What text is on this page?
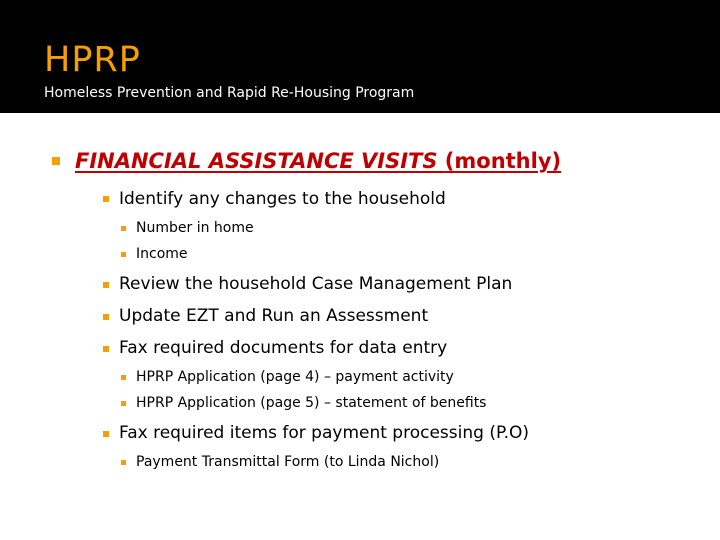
HPRP
Homeless Prevention and Rapid Re-Housing Program
FINANCIAL ASSISTANCE VISITS (monthly)
Identify any changes to the household
Number in home
Income
Review the household Case Management Plan
Update EZT and Run an Assessment
Fax required documents for data entry
HPRP Application (page 4) – payment activity
HPRP Application (page 5) – statement of benefits
Fax required items for payment processing (P.O)
Payment Transmittal Form (to Linda Nichol)
